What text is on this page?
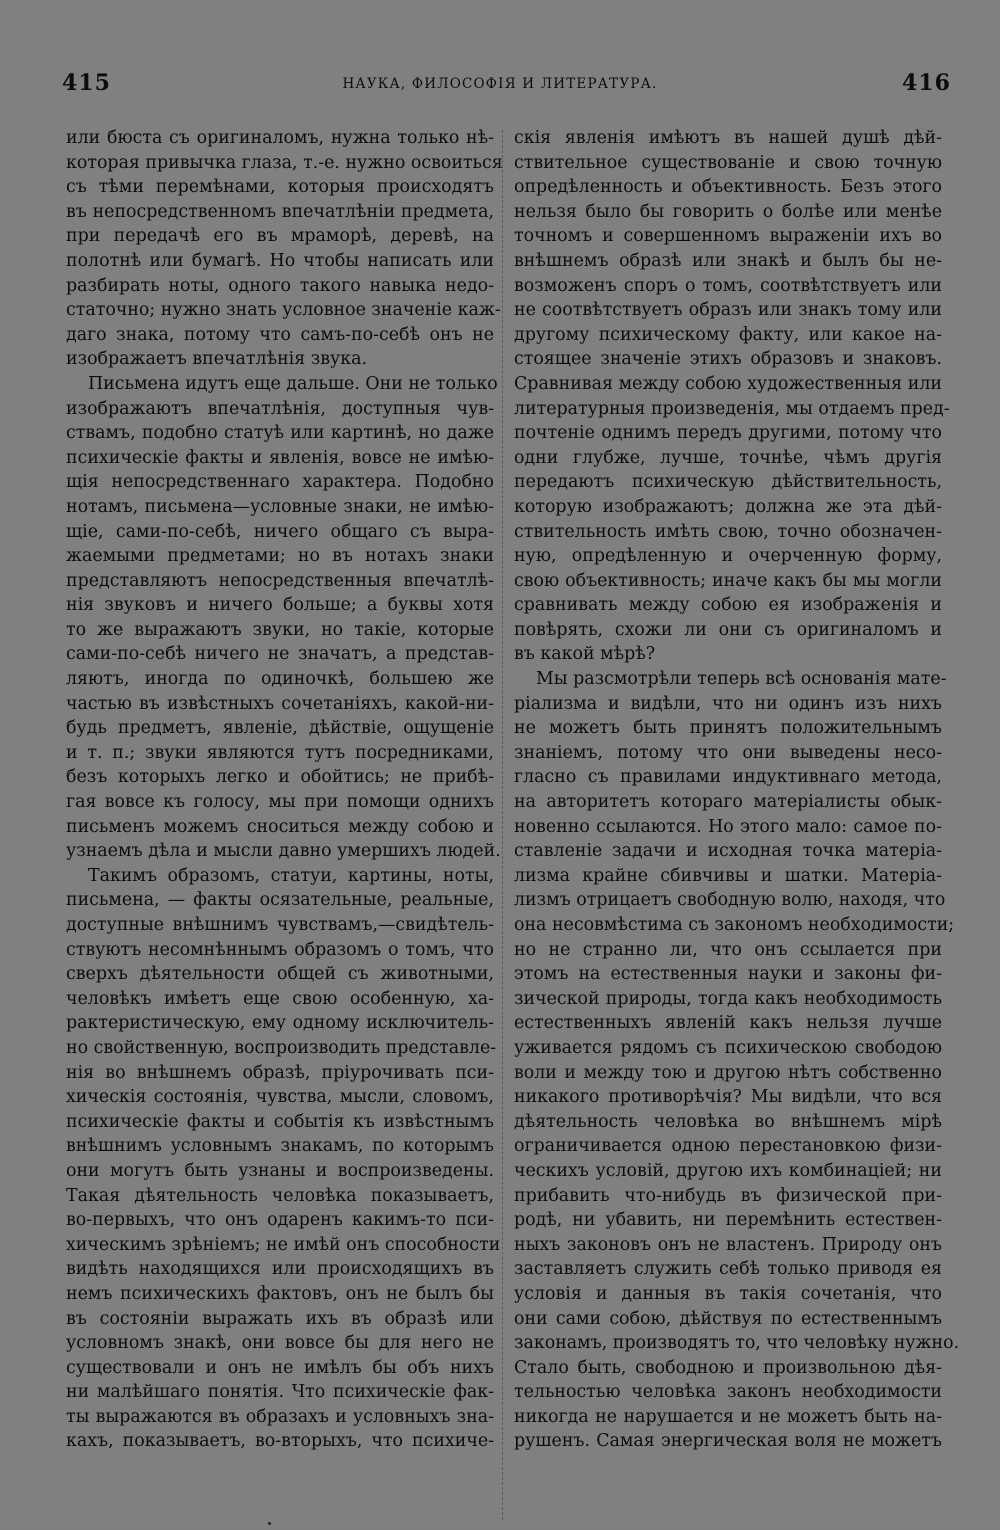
415	НАУКА, ФИЛОСОФІЯ И ЛИТЕРАТУРА.	416
или бюста съ оригиналомъ, нужна только нѣ-
которая привычка глаза, т.-е. нужно освоиться
съ тѣми перемѣнами, которыя происходятъ
въ непосредственномъ впечатлѣніи предмета,
при передачѣ его въ мраморѣ, деревѣ, на
полотнѣ или бумагѣ. Но чтобы написать или
разбирать ноты, одного такого навыка недо-
статочно; нужно знать условное значеніе каж-
даго знака, потому что самъ-по-себѣ онъ не
изображаетъ впечатлѣнія звука.
Письмена идутъ еще дальше. Они не только
изображаютъ впечатлѣнія, доступныя чув-
ствамъ, подобно статуѣ или картинѣ, но даже
психическіе факты и явленія, вовсе не имѣю-
щія непосредственнаго характера. Подобно
нотамъ, письмена—условные знаки, не имѣю-
щіе, сами-по-себѣ, ничего общаго съ выра-
жаемыми предметами; но въ нотахъ знаки
представляютъ непосредственныя впечатлѣ-
нія звуковъ и ничего больше; а буквы хотя
то же выражаютъ звуки, но такіе, которые
сами-по-себѣ ничего не значатъ, а представ-
ляютъ, иногда по одиночкѣ, большею же
частью въ извѣстныхъ сочетаніяхъ, какой-ни-
будь предметъ, явленіе, дѣйствіе, ощущеніе
и т. п.; звуки являются тутъ посредниками,
безъ которыхъ легко и обойтись; не прибѣ-
гая вовсе къ голосу, мы при помощи однихъ
письменъ можемъ сноситься между собою и
узнаемъ дѣла и мысли давно умершихъ людей.
Такимъ образомъ, статуи, картины, ноты,
письмена, — факты осязательные, реальные,
доступные внѣшнимъ чувствамъ,—свидѣтель-
ствуютъ несомнѣннымъ образомъ о томъ, что
сверхъ дѣятельности общей съ животными,
человѣкъ имѣетъ еще свою особенную, ха-
рактеристическую, ему одному исключитель-
но свойственную, воспроизводить представле-
нія во внѣшнемъ образѣ, пріурочивать пси-
хическія состоянія, чувства, мысли, словомъ,
психическіе факты и событія къ извѣстнымъ
внѣшнимъ условнымъ знакамъ, по которымъ
они могутъ быть узнаны и воспроизведены.
Такая дѣятельность человѣка показываетъ,
во-первыхъ, что онъ одаренъ какимъ-то пси-
хическимъ зрѣніемъ; не имѣй онъ способности
видѣть находящихся или происходящихъ въ
немъ психическихъ фактовъ, онъ не былъ бы
въ состояніи выражать ихъ въ образѣ или
условномъ знакѣ, они вовсе бы для него не
существовали и онъ не имѣлъ бы объ нихъ
ни малѣйшаго понятія. Что психическіе фак-
ты выражаются въ образахъ и условныхъ зна-
кахъ, показываетъ, во-вторыхъ, что психиче-
скія явленія имѣютъ въ нашей душѣ дѣй-
ствительное существованіе и свою точную
опредѣленность и объективность. Безъ этого
нельзя было бы говорить о болѣе или менѣе
точномъ и совершенномъ выраженіи ихъ во
внѣшнемъ образѣ или знакѣ и былъ бы не-
возможенъ споръ о томъ, соотвѣтствуетъ или
не соотвѣтствуетъ образъ или знакъ тому или
другому психическому факту, или какое на-
стоящее значеніе этихъ образовъ и знаковъ.
Сравнивая между собою художественныя или
литературныя произведенія, мы отдаемъ пред-
почтеніе однимъ передъ другими, потому что
одни глубже, лучше, точнѣе, чѣмъ другія
передаютъ психическую дѣйствительность,
которую изображаютъ; должна же эта дѣй-
ствительность имѣть свою, точно обозначен-
ную, опредѣленную и очерченную форму,
свою объективность; иначе какъ бы мы могли
сравнивать между собою ея изображенія и
повѣрять, схожи ли они съ оригиналомъ и
въ какой мѣрѣ?
Мы разсмотрѣли теперь всѣ основанія мате-
ріализма и видѣли, что ни одинъ изъ нихъ
не можетъ быть принятъ положительнымъ
знаніемъ, потому что они выведены несо-
гласно съ правилами индуктивнаго метода,
на авторитетъ котораго матеріалисты обык-
новенно ссылаются. Но этого мало: самое по-
ставленіе задачи и исходная точка матеріа-
лизма крайне сбивчивы и шатки. Матеріа-
лизмъ отрицаетъ свободную волю, находя, что
она несовмѣстима съ закономъ необходимости;
но не странно ли, что онъ ссылается при
этомъ на естественныя науки и законы фи-
зической природы, тогда какъ необходимость
естественныхъ явленій какъ нельзя лучше
уживается рядомъ съ психическою свободою
воли и между тою и другою нѣтъ собственно
никакого противорѣчія? Мы видѣли, что вся
дѣятельность человѣка во внѣшнемъ мірѣ
ограничивается одною перестановкою физи-
ческихъ условій, другою ихъ комбинаціей; ни
прибавить что-нибудь въ физической при-
родѣ, ни убавить, ни перемѣнить естествен-
ныхъ законовъ онъ не властенъ. Природу онъ
заставляетъ служить себѣ только приводя ея
условія и данныя въ такія сочетанія, что
они сами собою, дѣйствуя по естественнымъ
законамъ, производятъ то, что человѣку нужно.
Стало быть, свободною и произвольною дѣя-
тельностью человѣка законъ необходимости
никогда не нарушается и не можетъ быть на-
рушенъ. Самая энергическая воля не можетъ
